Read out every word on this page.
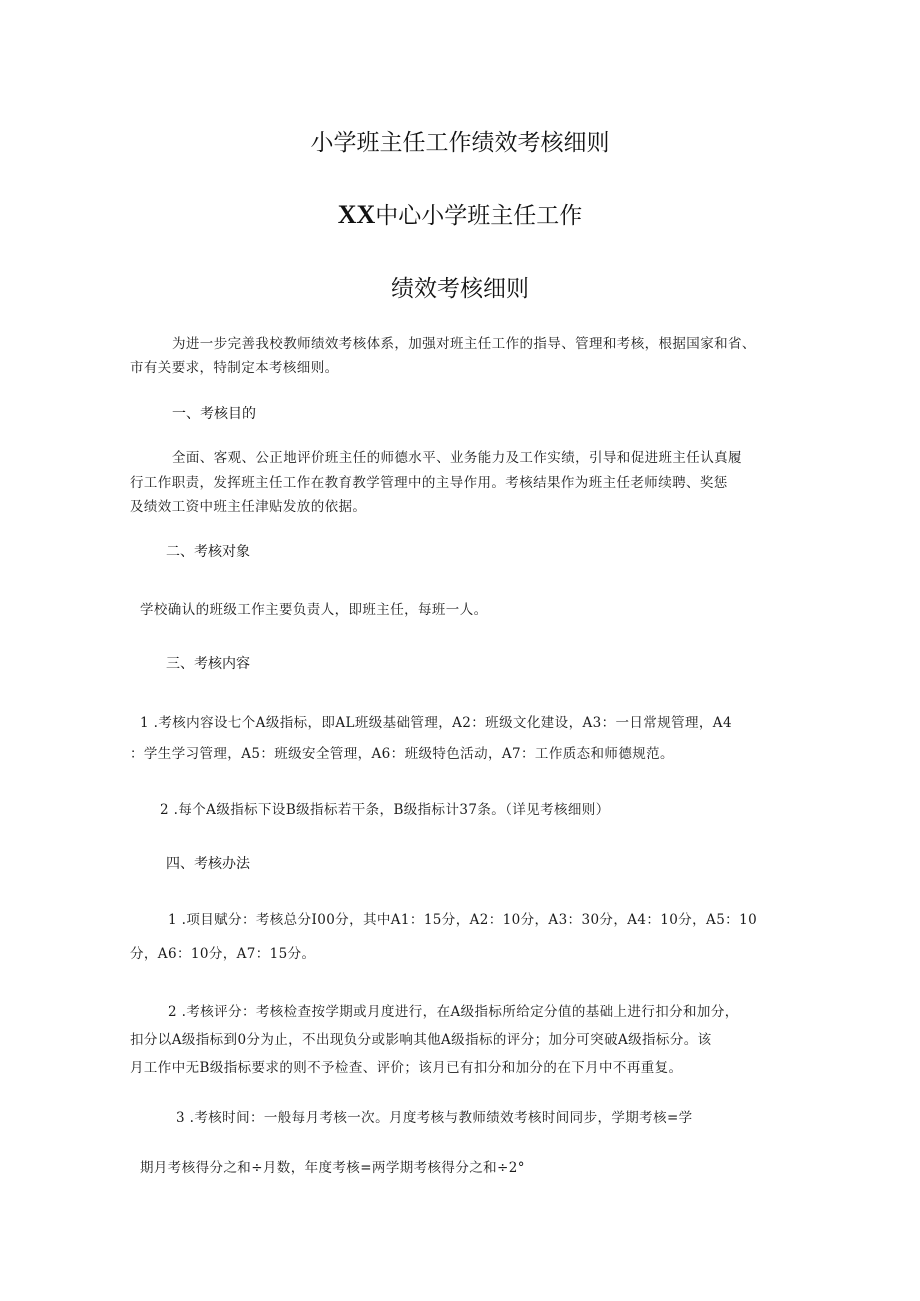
小学班主任工作绩效考核细则
XX中心小学班主任工作
绩效考核细则
为进一步完善我校教师绩效考核体系，加强对班主任工作的指导、管理和考核，根据国家和省、
市有关要求，特制定本考核细则。
一、考核目的
全面、客观、公正地评价班主任的师德水平、业务能力及工作实绩，引导和促进班主任认真履
行工作职责，发挥班主任工作在教育教学管理中的主导作用。考核结果作为班主任老师续聘、奖惩
及绩效工资中班主任津贴发放的依据。
二、考核对象
学校确认的班级工作主要负责人，即班主任，每班一人。
三、考核内容
1 .考核内容设七个A级指标，即AL班级基础管理，A2：班级文化建设，A3：一日常规管理，A4
：学生学习管理，A5：班级安全管理，A6：班级特色活动，A7：工作质态和师德规范。
2 .每个A级指标下设B级指标若干条，B级指标计37条。（详见考核细则）
四、考核办法
1 .项目赋分：考核总分I00分，其中A1：15分，A2：10分，A3：30分，A4：10分，A5：10
分，A6：10分，A7：15分。
2 .考核评分：考核检查按学期或月度进行，在A级指标所给定分值的基础上进行扣分和加分，
扣分以A级指标到0分为止，不出现负分或影响其他A级指标的评分；加分可突破A级指标分。该
月工作中无B级指标要求的则不予检查、评价；该月已有扣分和加分的在下月中不再重复。
3 .考核时间：一般每月考核一次。月度考核与教师绩效考核时间同步，学期考核=学
期月考核得分之和÷月数，年度考核=两学期考核得分之和÷2°
